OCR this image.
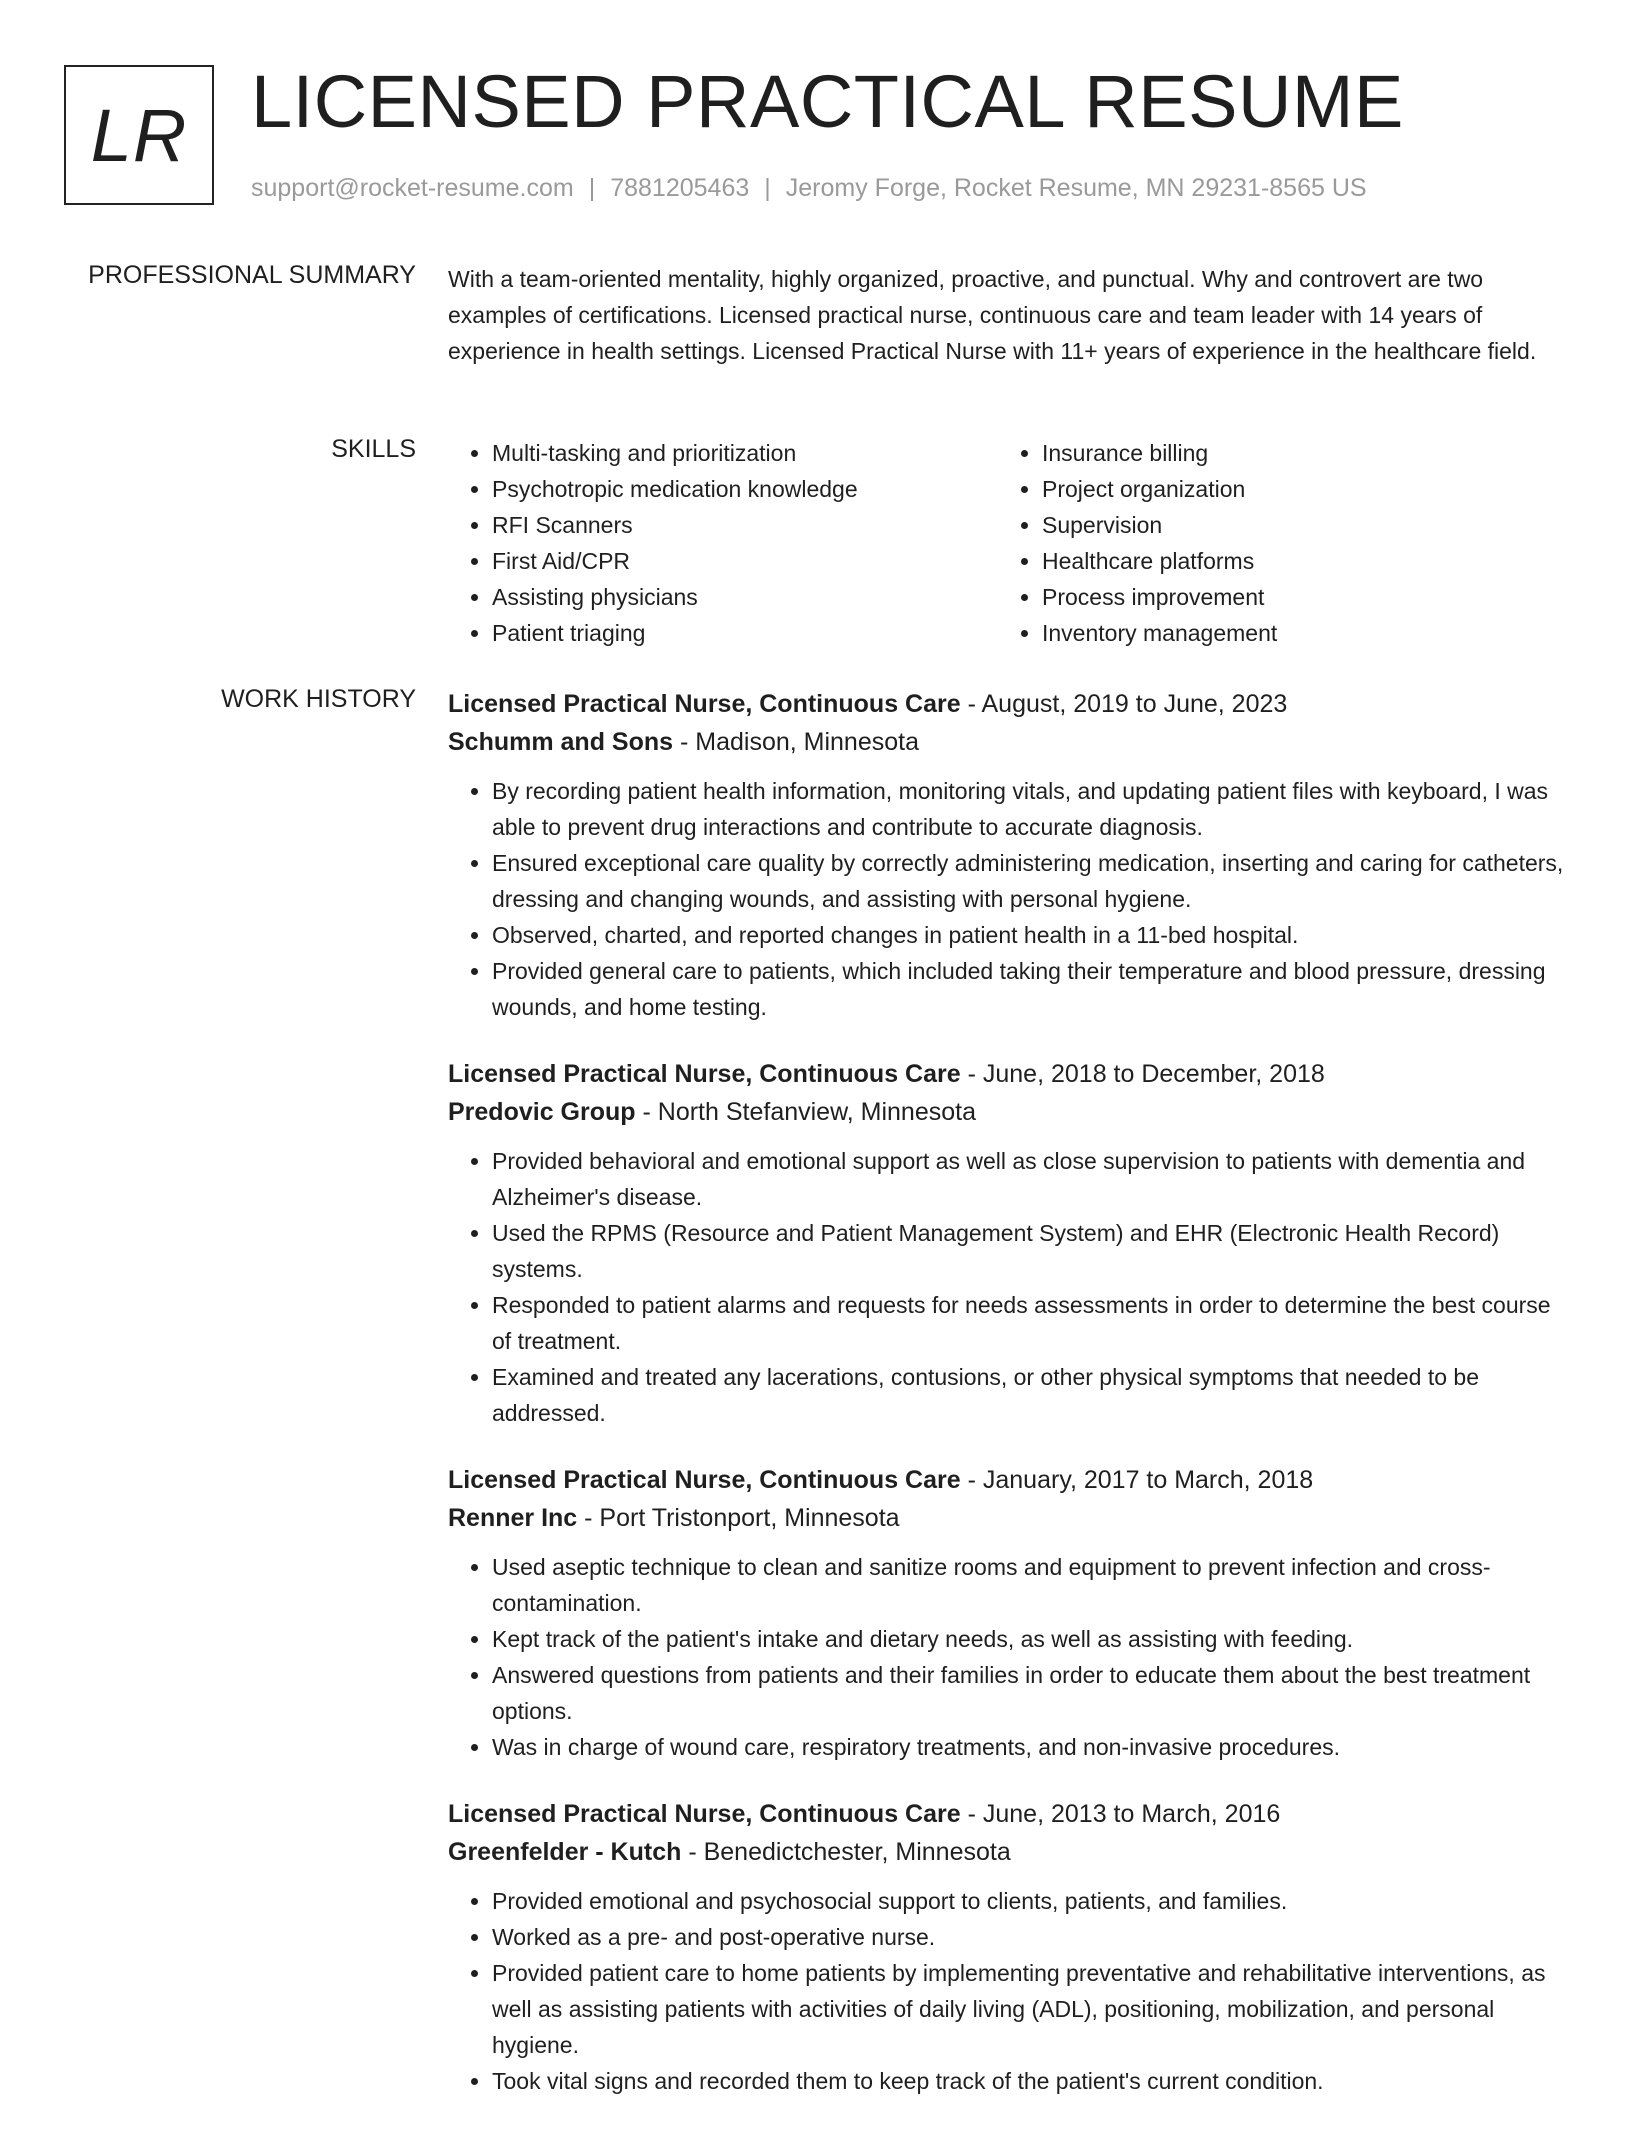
LR LICENSED PRACTICAL RESUME
support@rocket-resume.com | 7881205463 | Jeromy Forge, Rocket Resume, MN 29231-8565 US
PROFESSIONAL SUMMARY With a team-oriented mentality, highly organized, proactive, and punctual. Why and controvert are two examples of certifications. Licensed practical nurse, continuous care and team leader with 14 years of experience in health settings. Licensed Practical Nurse with 11+ years of experience in the healthcare field.

SKILLS
•	Multi-tasking and prioritization
• Psychotropic medication knowledge
• RFI Scanners
• First Aid/CPR
• Assisting physicians
• Patient triaging
• Insurance billing
• Project organization
• Supervision
• Healthcare platforms
• Process improvement
• Inventory management
WORK HISTORY Licensed Practical Nurse, Continuous Care - August, 2019 to June, 2023
Schumm and Sons - Madison, Minnesota
• By recording patient health information, monitoring vitals, and updating patient files with keyboard, I was able to prevent drug interactions and contribute to accurate diagnosis.
• Ensured exceptional care quality by correctly administering medication, inserting and caring for catheters, dressing and changing wounds, and assisting with personal hygiene.
• Observed, charted, and reported changes in patient health in a 11-bed hospital.
• Provided general care to patients, which included taking their temperature and blood pressure, dressing wounds, and home testing.
Licensed Practical Nurse, Continuous Care - June, 2018 to December, 2018
Predovic Group - North Stefanview, Minnesota
• Provided behavioral and emotional support as well as close supervision to patients with dementia and Alzheimer's disease.
• Used the RPMS (Resource and Patient Management System) and EHR (Electronic Health Record) systems.
• Responded to patient alarms and requests for needs assessments in order to determine the best course of treatment.
• Examined and treated any lacerations, contusions, or other physical symptoms that needed to be addressed.
Licensed Practical Nurse, Continuous Care - January, 2017 to March, 2018
Renner Inc - Port Tristonport, Minnesota
• Used aseptic technique to clean and sanitize rooms and equipment to prevent infection and cross-contamination.
• Kept track of the patient's intake and dietary needs, as well as assisting with feeding.
• Answered questions from patients and their families in order to educate them about the best treatment options.
• Was in charge of wound care, respiratory treatments, and non-invasive procedures.
Licensed Practical Nurse, Continuous Care - June, 2013 to March, 2016
Greenfelder - Kutch - Benedictchester, Minnesota
• Provided emotional and psychosocial support to clients, patients, and families.
• Worked as a pre- and post-operative nurse.
• Provided patient care to home patients by implementing preventative and rehabilitative interventions, as well as assisting patients with activities of daily living (ADL), positioning, mobilization, and personal hygiene.
• Took vital signs and recorded them to keep track of the patient's current condition.
